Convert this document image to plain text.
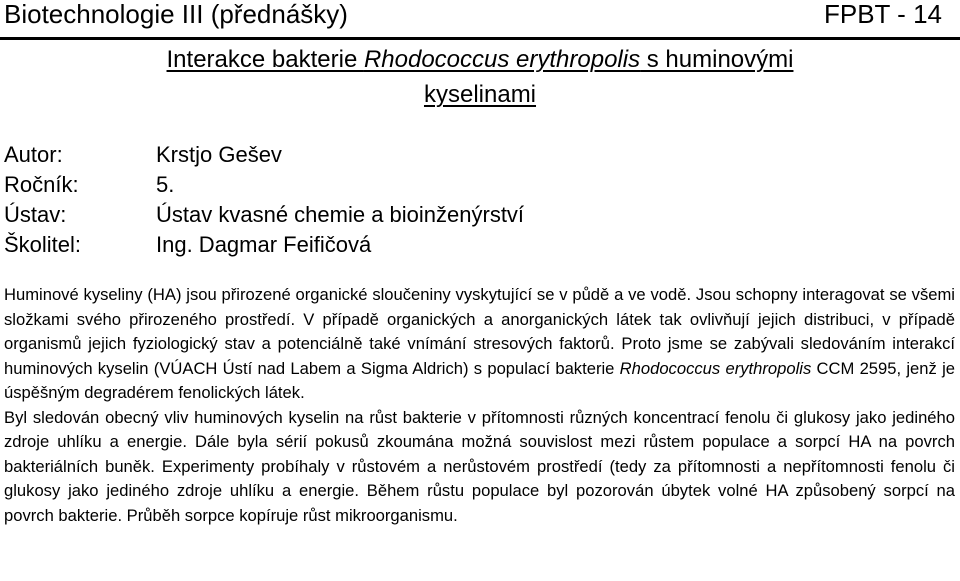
Biotechnologie III (přednášky)	FPBT - 14
Interakce bakterie Rhodococcus erythropolis s huminovými
kyselinami
Autor:	Krstjo Gešev
Ročník:	5.
Ústav:	Ústav kvasné chemie a bioinženýrství
Školitel:	Ing. Dagmar Feifičová

Huminové kyseliny (HA) jsou přirozené organické sloučeniny vyskytující se v půdě a ve vodě. Jsou schopny interagovat se všemi složkami svého přirozeného prostředí. V případě organických a anorganických látek tak ovlivňují jejich distribuci, v případě organismů jejich fyziologický stav a potenciálně také vnímání stresových faktorů. Proto jsme se zabývali sledováním interakcí huminových kyselin (VÚACH Ústí nad Labem a Sigma Aldrich) s populací bakterie Rhodococcus erythropolis CCM 2595, jenž je úspěšným degradérem fenolických látek.

Byl sledován obecný vliv huminových kyselin na růst bakterie v přítomnosti různých koncentrací fenolu či glukosy jako jediného zdroje uhlíku a energie. Dále byla sérií pokusů zkoumána možná souvislost mezi růstem populace a sorpcí HA na povrch bakteriálních buněk. Experimenty probíhaly v růstovém a nerůstovém prostředí (tedy za přítomnosti a nepřítomnosti fenolu či glukosy jako jediného zdroje uhlíku a energie. Během růstu populace byl pozorován úbytek volné HA způsobený sorpcí na povrch bakterie. Průběh sorpce kopíruje růst mikroorganismu.
